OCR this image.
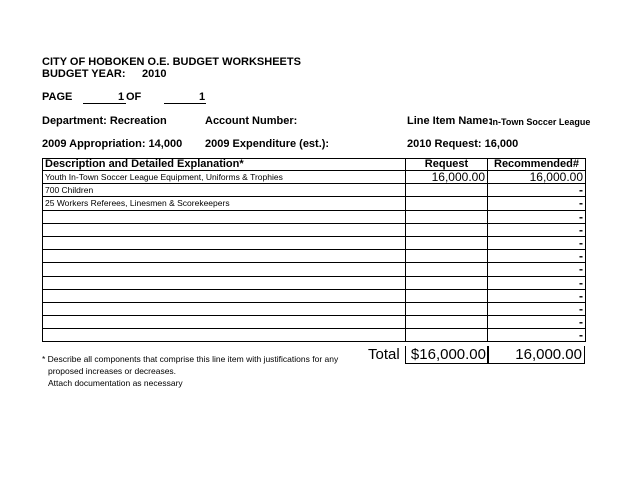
CITY OF HOBOKEN O.E. BUDGET WORKSHEETS
BUDGET YEAR: 2010
PAGE	1 OF	1
Department: Recreation	Account Number:	Line Item Name:
In-Town Soccer League
2009 Appropriation: 14,000 2009 Expenditure (est.):	2010 Request: 16,000
Description and Detailed Explanation*	Request	Recommended#
Youth In-Town Soccer League Equipment, Uniforms & Trophies	16,000.00	16,000.00
700 Children		-
25 Workers Referees, Linesmen & Scorekeepers		-
		-
		-
		-
		-
		-
		-
		-
		-
		-
		-
Total $16,000.00	16,000.00
* Describe all components that comprise this line item with justifications for any
proposed increases or decreases.
Attach documentation as necessary
